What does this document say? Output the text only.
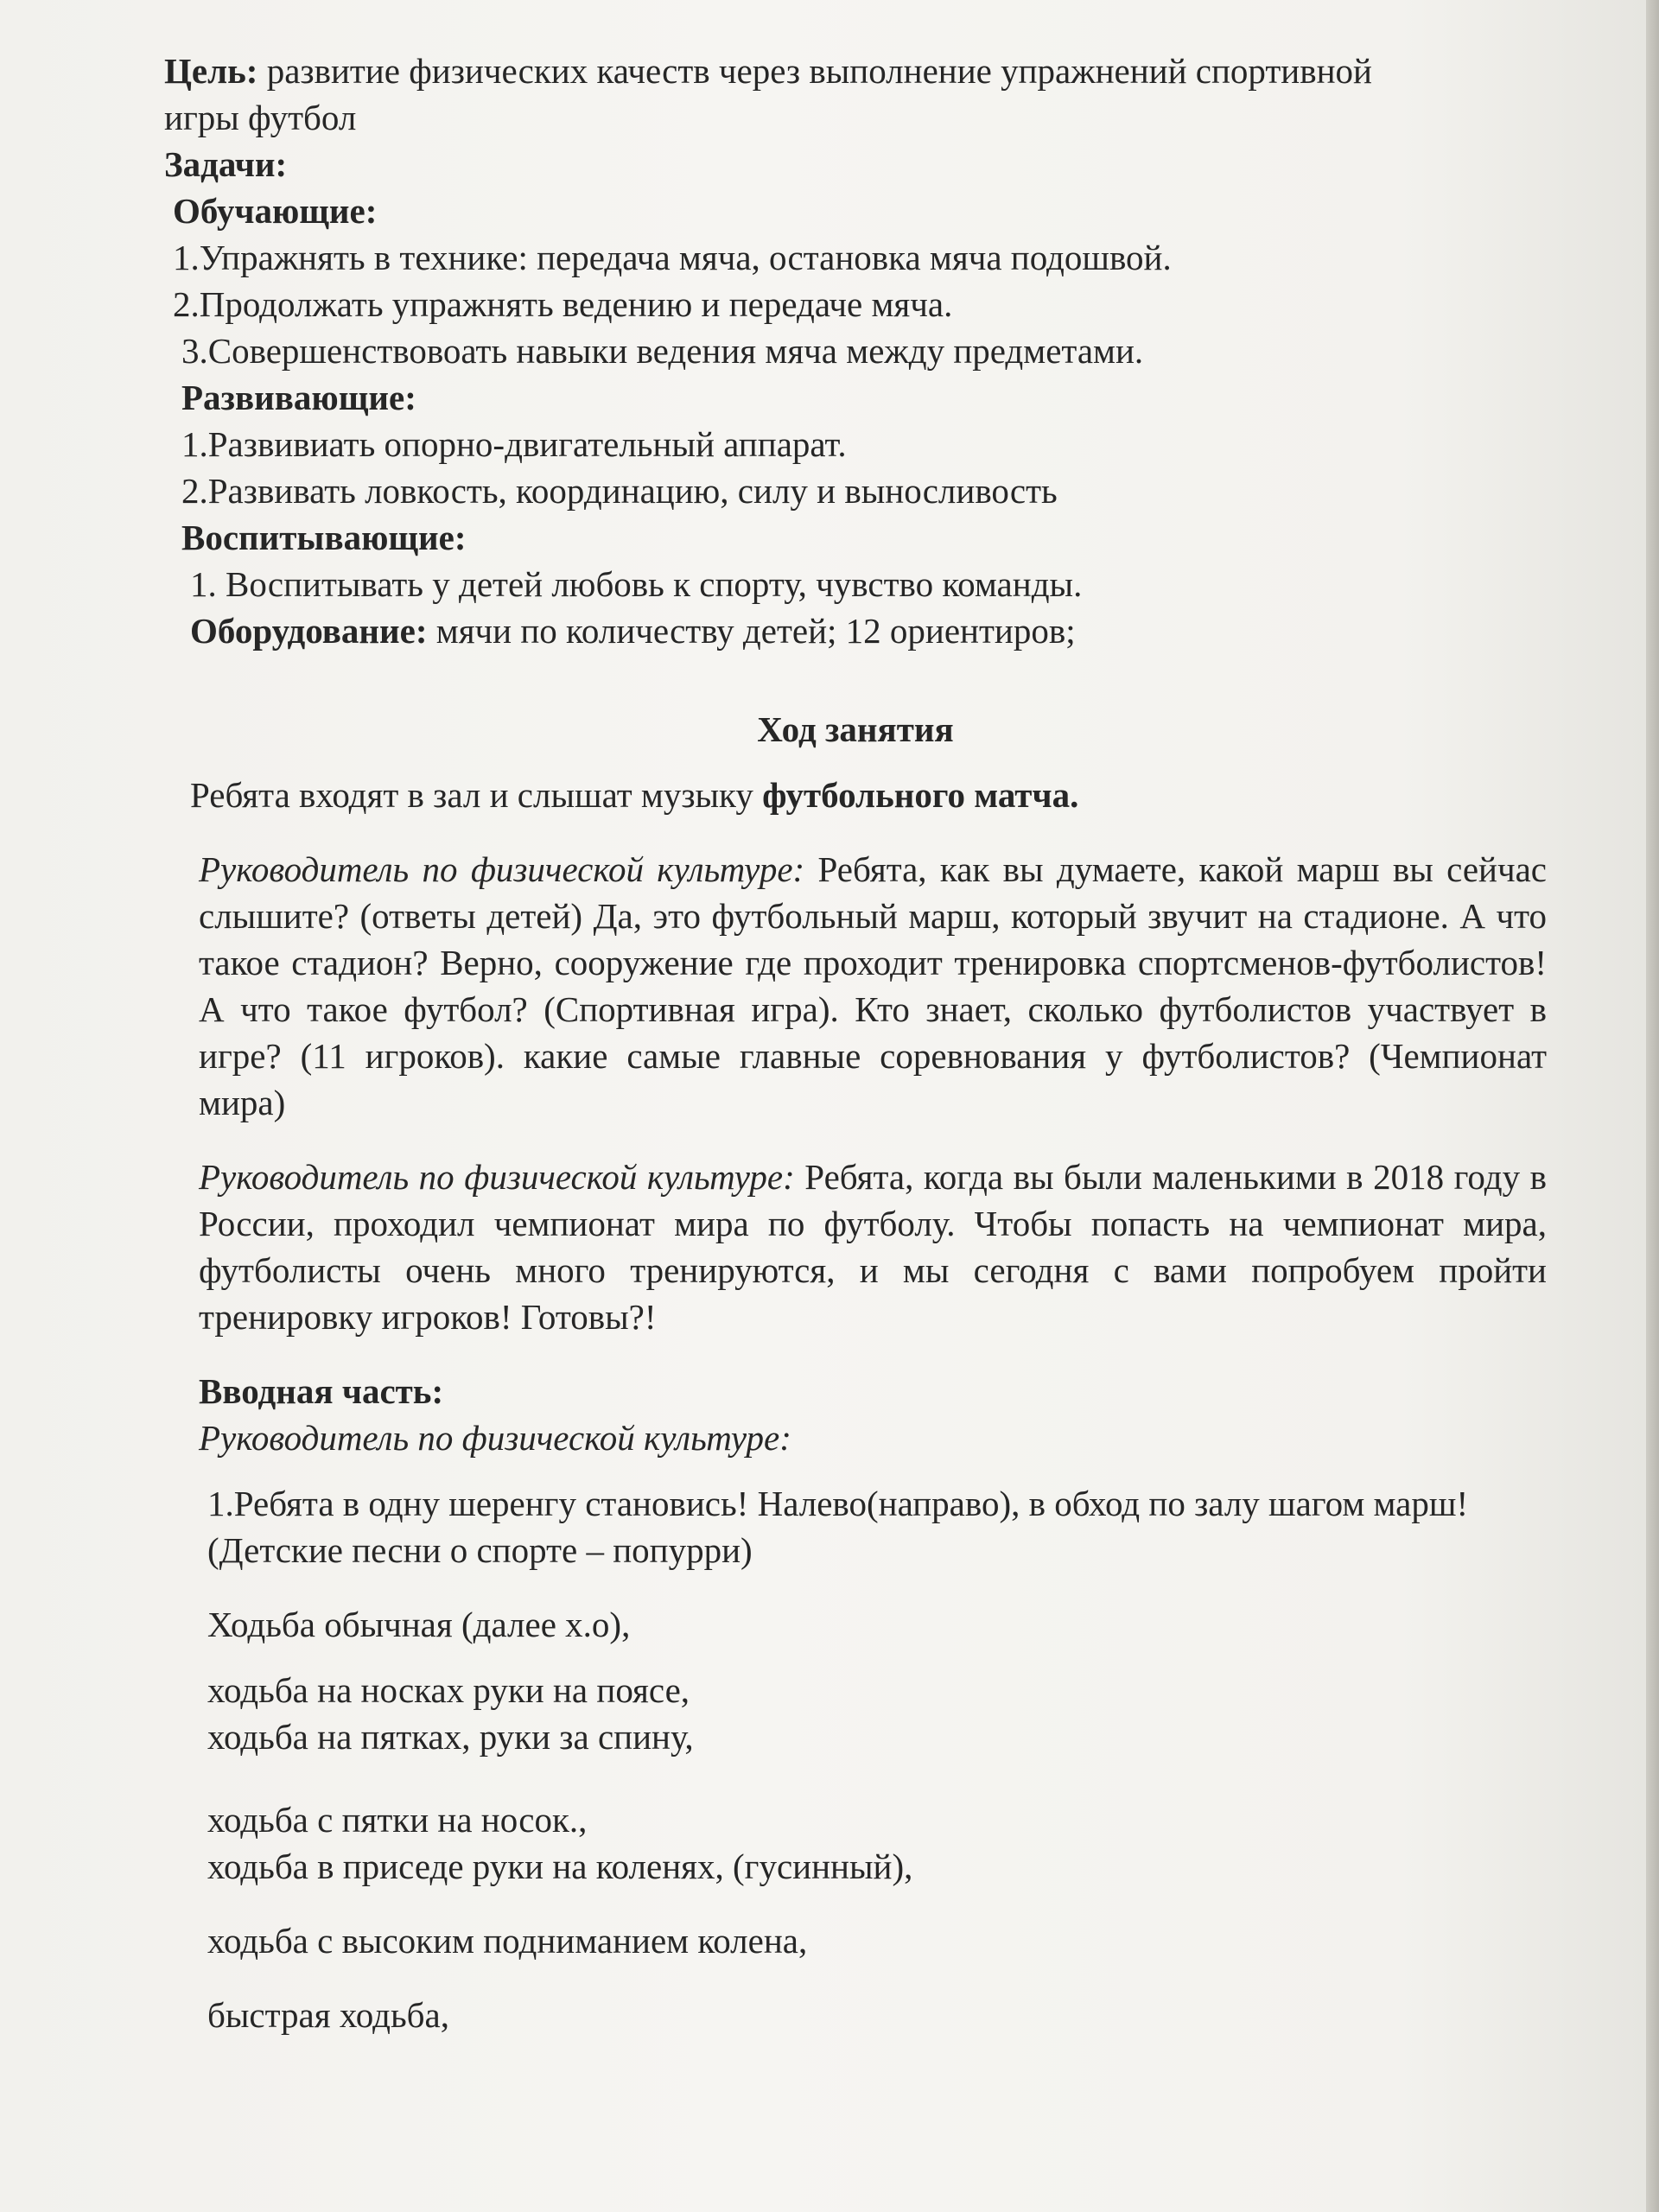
Цель: развитие физических качеств через выполнение упражнений спортивной игры футбол

Задачи:

Обучающие:

1.Упражнять в технике: передача мяча, остановка мяча подошвой.

2.Продолжать упражнять ведению и передаче мяча.

3.Совершенствовоать навыки ведения мяча между предметами.

Развивающие:

1.Развивиать опорно-двигательный аппарат.

2.Развивать ловкость, координацию, силу и выносливость

Воспитывающие:

1. Воспитывать у детей любовь к спорту, чувство команды.

Оборудование: мячи по количеству детей; 12 ориентиров;

Ход занятия

Ребята входят в зал и слышат музыку футбольного матча.

Руководитель по физической культуре: Ребята, как вы думаете, какой марш вы сейчас слышите? (ответы детей) Да, это футбольный марш, который звучит на стадионе. А что такое стадион? Верно, сооружение где проходит тренировка спортсменов-футболистов! А что такое футбол? (Спортивная игра). Кто знает, сколько футболистов участвует в игре? (11 игроков). какие самые главные соревнования у футболистов? (Чемпионат мира)

Руководитель по физической культуре: Ребята, когда вы были маленькими в 2018 году в России, проходил чемпионат мира по футболу. Чтобы попасть на чемпионат мира, футболисты очень много тренируются, и мы сегодня с вами попробуем пройти тренировку игроков! Готовы?!

Вводная часть:

Руководитель по физической культуре:

1.Ребята в одну шеренгу становись! Налево(направо), в обход по залу шагом марш! (Детские песни о спорте – попурри)

Ходьба обычная (далее х.о),

ходьба на носках руки на поясе,

ходьба на пятках, руки за спину,

ходьба с пятки на носок.,

ходьба в приседе руки на коленях, (гусинный),

ходьба с высоким подниманием колена,

быстрая ходьба,
